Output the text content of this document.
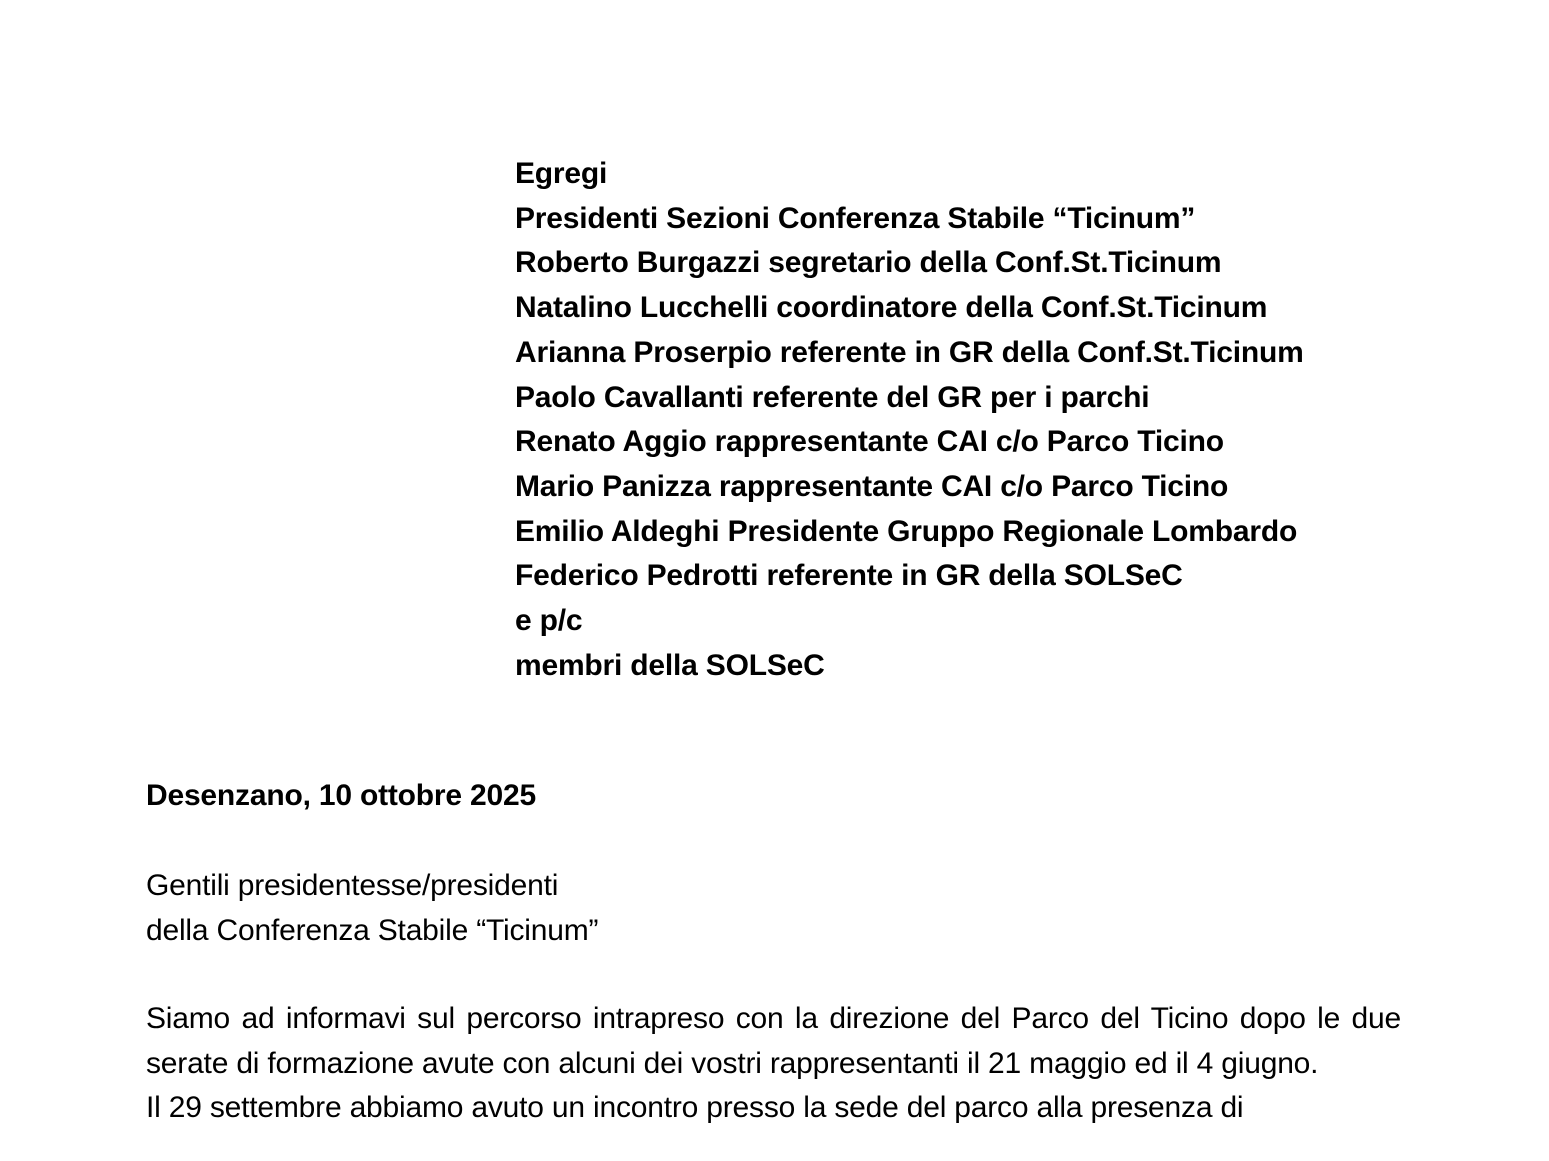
Egregi
Presidenti Sezioni Conferenza Stabile “Ticinum”
Roberto Burgazzi segretario della Conf.St.Ticinum
Natalino Lucchelli coordinatore della Conf.St.Ticinum
Arianna Proserpio referente in GR della Conf.St.Ticinum
Paolo Cavallanti referente del GR per i parchi
Renato Aggio rappresentante CAI c/o Parco Ticino
Mario Panizza rappresentante CAI c/o Parco Ticino
Emilio Aldeghi Presidente Gruppo Regionale Lombardo
Federico Pedrotti referente in GR della SOLSeC
e p/c
membri della SOLSeC
Desenzano, 10 ottobre 2025
Gentili presidentesse/presidenti
della Conferenza Stabile “Ticinum”

Siamo ad informavi sul percorso intrapreso con la direzione del Parco del Ticino dopo le due serate di formazione avute con alcuni dei vostri rappresentanti il 21 maggio ed il 4 giugno.

Il 29 settembre abbiamo avuto un incontro presso la sede del parco alla presenza di
